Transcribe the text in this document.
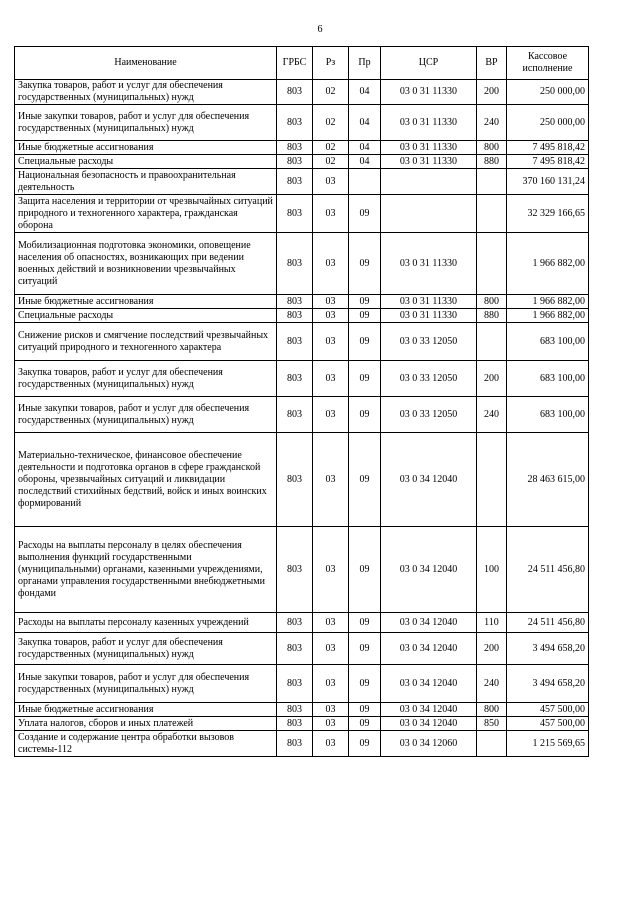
6
Наименование	ГРБС	Рз	Пр	ЦСР	ВР	Кассовое исполнение
Закупка товаров, работ и услуг для обеспечения государственных (муниципальных) нужд	803	02	04	03 0 31 11330	200	250 000,00
Иные закупки товаров, работ и услуг для обеспечения государственных (муниципальных) нужд	803	02	04	03 0 31 11330	240	250 000,00
Иные бюджетные ассигнования	803	02	04	03 0 31 11330	800	7 495 818,42
Специальные расходы	803	02	04	03 0 31 11330	880	7 495 818,42
Национальная безопасность и правоохранительная деятельность	803	03				370 160 131,24
Защита населения и территории от чрезвычайных ситуаций природного и техногенного характера, гражданская оборона	803	03	09			32 329 166,65
Мобилизационная подготовка экономики, оповещение населения об опасностях, возникающих при ведении военных действий и возникновении чрезвычайных ситуаций	803	03	09	03 0 31 11330		1 966 882,00
Иные бюджетные ассигнования	803	03	09	03 0 31 11330	800	1 966 882,00
Специальные расходы	803	03	09	03 0 31 11330	880	1 966 882,00
Снижение рисков и смягчение последствий чрезвычайных ситуаций природного и техногенного характера	803	03	09	03 0 33 12050		683 100,00
Закупка товаров, работ и услуг для обеспечения государственных (муниципальных) нужд	803	03	09	03 0 33 12050	200	683 100,00
Иные закупки товаров, работ и услуг для обеспечения государственных (муниципальных) нужд	803	03	09	03 0 33 12050	240	683 100,00
Материально-техническое, финансовое обеспечение деятельности и подготовка органов в сфере гражданской обороны, чрезвычайных ситуаций и ликвидации последствий стихийных бедствий, войск и иных воинских формирований	803	03	09	03 0 34 12040		28 463 615,00
Расходы на выплаты персоналу в целях обеспечения выполнения функций государственными (муниципальными) органами, казенными учреждениями, органами управления государственными внебюджетными фондами	803	03	09	03 0 34 12040	100	24 511 456,80
Расходы на выплаты персоналу казенных учреждений	803	03	09	03 0 34 12040	110	24 511 456,80
Закупка товаров, работ и услуг для обеспечения государственных (муниципальных) нужд	803	03	09	03 0 34 12040	200	3 494 658,20
Иные закупки товаров, работ и услуг для обеспечения государственных (муниципальных) нужд	803	03	09	03 0 34 12040	240	3 494 658,20
Иные бюджетные ассигнования	803	03	09	03 0 34 12040	800	457 500,00
Уплата налогов, сборов и иных платежей	803	03	09	03 0 34 12040	850	457 500,00
Создание и содержание центра обработки вызовов системы-112	803	03	09	03 0 34 12060		1 215 569,65
